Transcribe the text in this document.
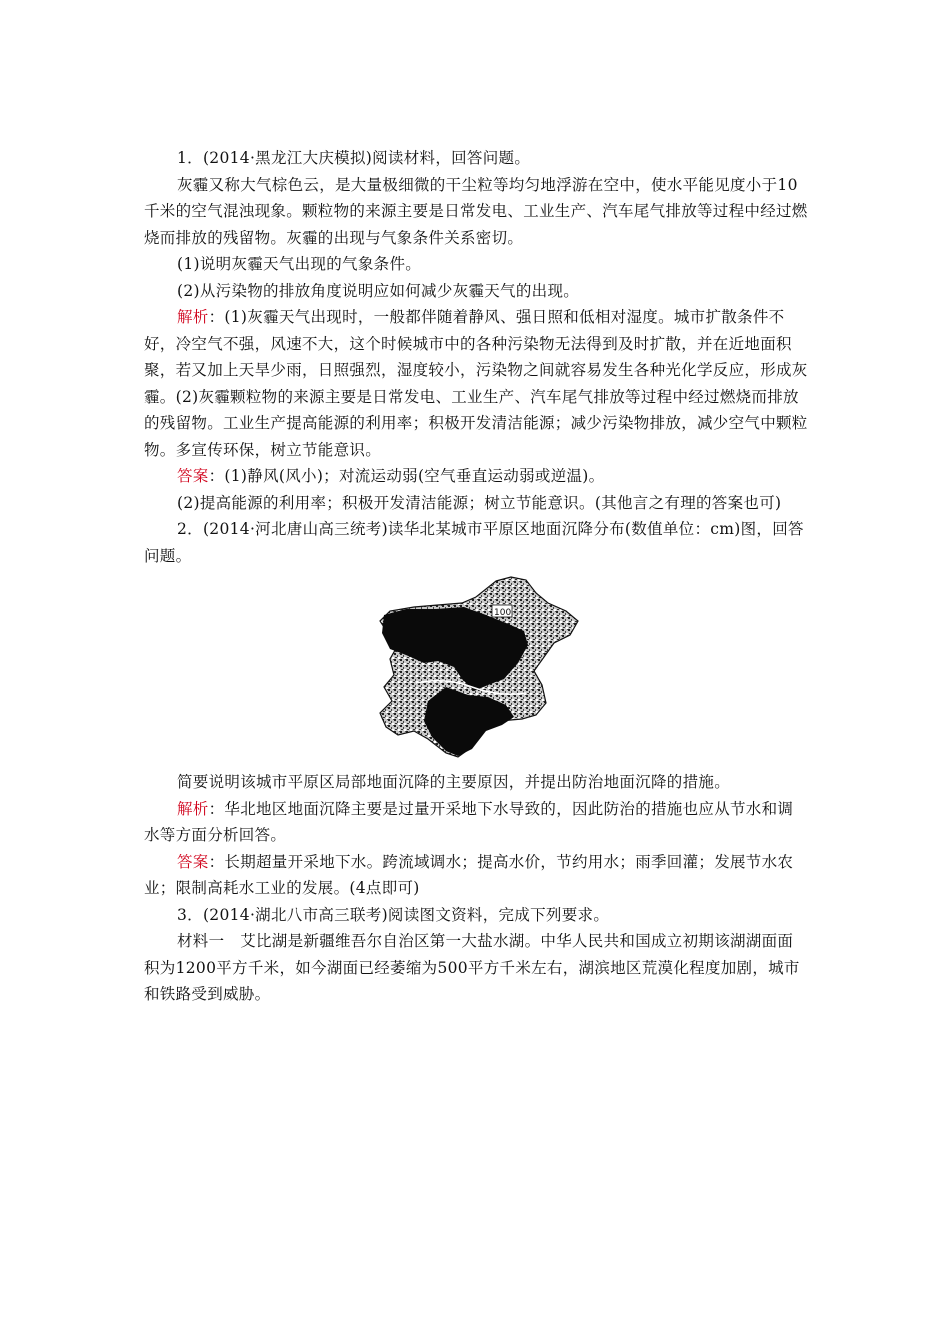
1．(2014·黑龙江大庆模拟)阅读材料，回答问题。

灰霾又称大气棕色云，是大量极细微的干尘粒等均匀地浮游在空中，使水平能见度小于10千米的空气混浊现象。颗粒物的来源主要是日常发电、工业生产、汽车尾气排放等过程中经过燃烧而排放的残留物。灰霾的出现与气象条件关系密切。

(1)说明灰霾天气出现的气象条件。

(2)从污染物的排放角度说明应如何减少灰霾天气的出现。

解析：(1)灰霾天气出现时，一般都伴随着静风、强日照和低相对湿度。城市扩散条件不好，冷空气不强，风速不大，这个时候城市中的各种污染物无法得到及时扩散，并在近地面积聚，若又加上天旱少雨，日照强烈，湿度较小，污染物之间就容易发生各种光化学反应，形成灰霾。(2)灰霾颗粒物的来源主要是日常发电、工业生产、汽车尾气排放等过程中经过燃烧而排放的残留物。工业生产提高能源的利用率；积极开发清洁能源；减少污染物排放，减少空气中颗粒物。多宣传环保，树立节能意识。

答案：(1)静风(风小)；对流运动弱(空气垂直运动弱或逆温)。

(2)提高能源的利用率；积极开发清洁能源；树立节能意识。(其他言之有理的答案也可)

2．(2014·河北唐山高三统考)读华北某城市平原区地面沉降分布(数值单位：cm)图，回答问题。

100

简要说明该城市平原区局部地面沉降的主要原因，并提出防治地面沉降的措施。

解析：华北地区地面沉降主要是过量开采地下水导致的，因此防治的措施也应从节水和调水等方面分析回答。

答案：长期超量开采地下水。跨流域调水；提高水价，节约用水；雨季回灌；发展节水农业；限制高耗水工业的发展。(4点即可)

3．(2014·湖北八市高三联考)阅读图文资料，完成下列要求。

材料一　艾比湖是新疆维吾尔自治区第一大盐水湖。中华人民共和国成立初期该湖湖面面积为1200平方千米，如今湖面已经萎缩为500平方千米左右，湖滨地区荒漠化程度加剧，城市和铁路受到威胁。
